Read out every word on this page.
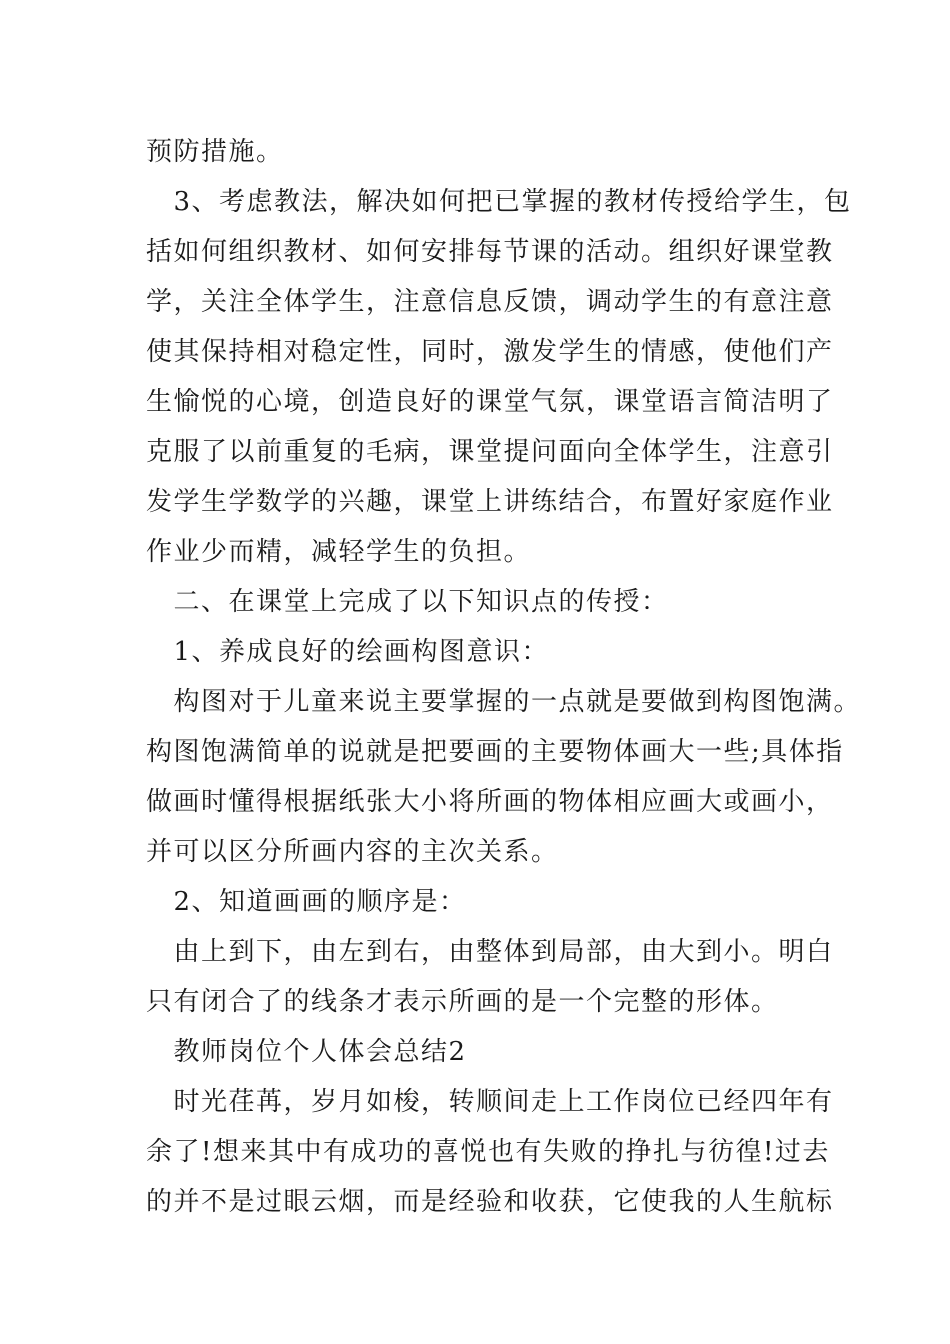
预防措施。
　3、考虑教法，解决如何把已掌握的教材传授给学生，包
括如何组织教材、如何安排每节课的活动。组织好课堂教
学，关注全体学生，注意信息反馈，调动学生的有意注意
使其保持相对稳定性，同时，激发学生的情感，使他们产
生愉悦的心境，创造良好的课堂气氛，课堂语言简洁明了
克服了以前重复的毛病，课堂提问面向全体学生，注意引
发学生学数学的兴趣，课堂上讲练结合，布置好家庭作业
作业少而精，减轻学生的负担。
　二、在课堂上完成了以下知识点的传授：
　1、养成良好的绘画构图意识：
　构图对于儿童来说主要掌握的一点就是要做到构图饱满。
构图饱满简单的说就是把要画的主要物体画大一些;具体指
做画时懂得根据纸张大小将所画的物体相应画大或画小，
并可以区分所画内容的主次关系。
　2、知道画画的顺序是：
　由上到下，由左到右，由整体到局部，由大到小。明白
只有闭合了的线条才表示所画的是一个完整的形体。
　教师岗位个人体会总结2
　时光荏苒，岁月如梭，转顺间走上工作岗位已经四年有
余了!想来其中有成功的喜悦也有失败的挣扎与彷徨!过去
的并不是过眼云烟，而是经验和收获，它使我的人生航标
